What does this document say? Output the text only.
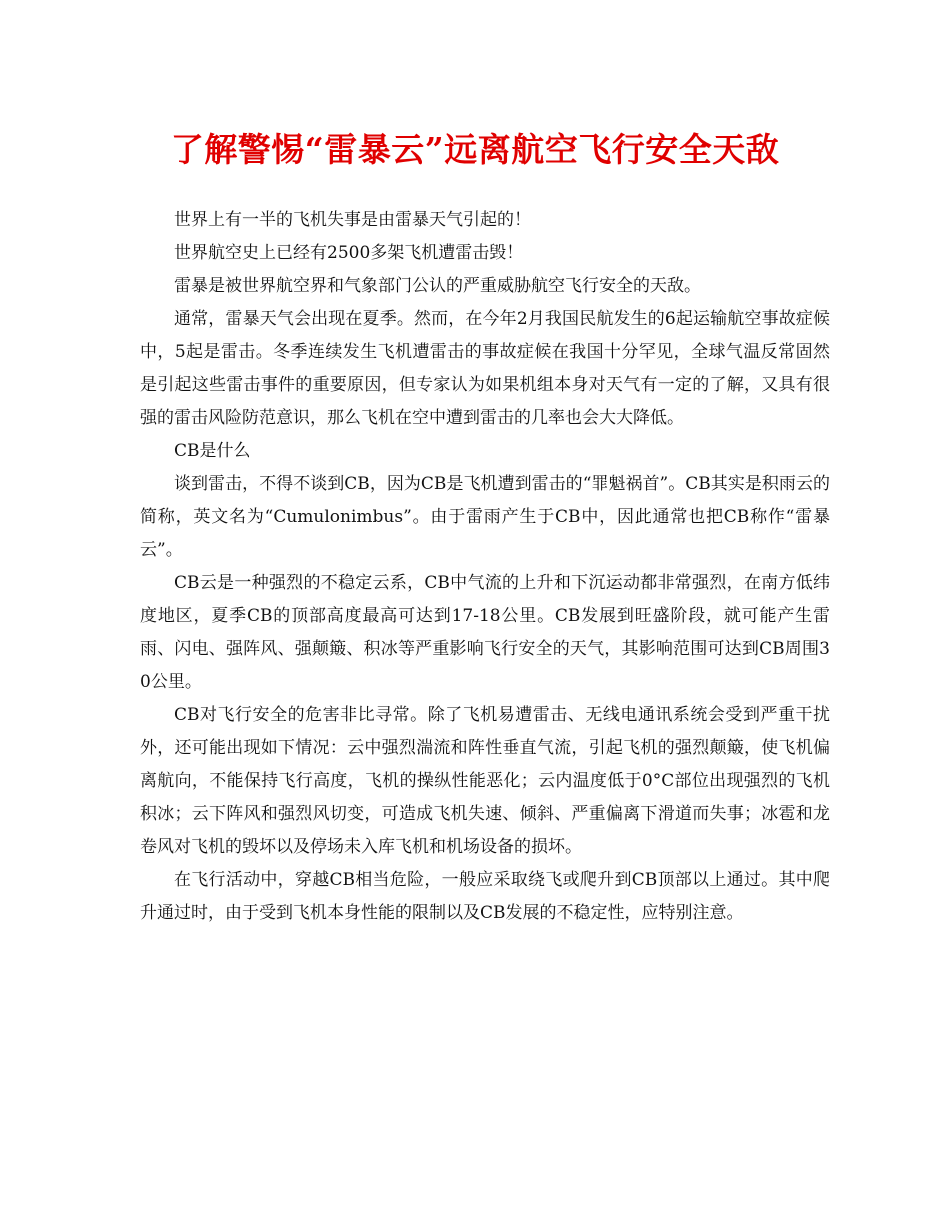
了解警惕“雷暴云”远离航空飞行安全天敌

世界上有一半的飞机失事是由雷暴天气引起的！

世界航空史上已经有2500多架飞机遭雷击毁！

雷暴是被世界航空界和气象部门公认的严重威胁航空飞行安全的天敌。

通常，雷暴天气会出现在夏季。然而，在今年2月我国民航发生的6起运输航空事故症候中，5起是雷击。冬季连续发生飞机遭雷击的事故症候在我国十分罕见，全球气温反常固然是引起这些雷击事件的重要原因，但专家认为如果机组本身对天气有一定的了解，又具有很强的雷击风险防范意识，那么飞机在空中遭到雷击的几率也会大大降低。

CB是什么

谈到雷击，不得不谈到CB，因为CB是飞机遭到雷击的“罪魁祸首”。CB其实是积雨云的简称，英文名为“Cumulonimbus”。由于雷雨产生于CB中，因此通常也把CB称作“雷暴云”。

CB云是一种强烈的不稳定云系，CB中气流的上升和下沉运动都非常强烈，在南方低纬度地区，夏季CB的顶部高度最高可达到17-18公里。CB发展到旺盛阶段，就可能产生雷雨、闪电、强阵风、强颠簸、积冰等严重影响飞行安全的天气，其影响范围可达到CB周围30公里。

CB对飞行安全的危害非比寻常。除了飞机易遭雷击、无线电通讯系统会受到严重干扰外，还可能出现如下情况：云中强烈湍流和阵性垂直气流，引起飞机的强烈颠簸，使飞机偏离航向，不能保持飞行高度，飞机的操纵性能恶化；云内温度低于0°C部位出现强烈的飞机积冰；云下阵风和强烈风切变，可造成飞机失速、倾斜、严重偏离下滑道而失事；冰雹和龙卷风对飞机的毁坏以及停场未入库飞机和机场设备的损坏。

在飞行活动中，穿越CB相当危险，一般应采取绕飞或爬升到CB顶部以上通过。其中爬升通过时，由于受到飞机本身性能的限制以及CB发展的不稳定性，应特别注意。
